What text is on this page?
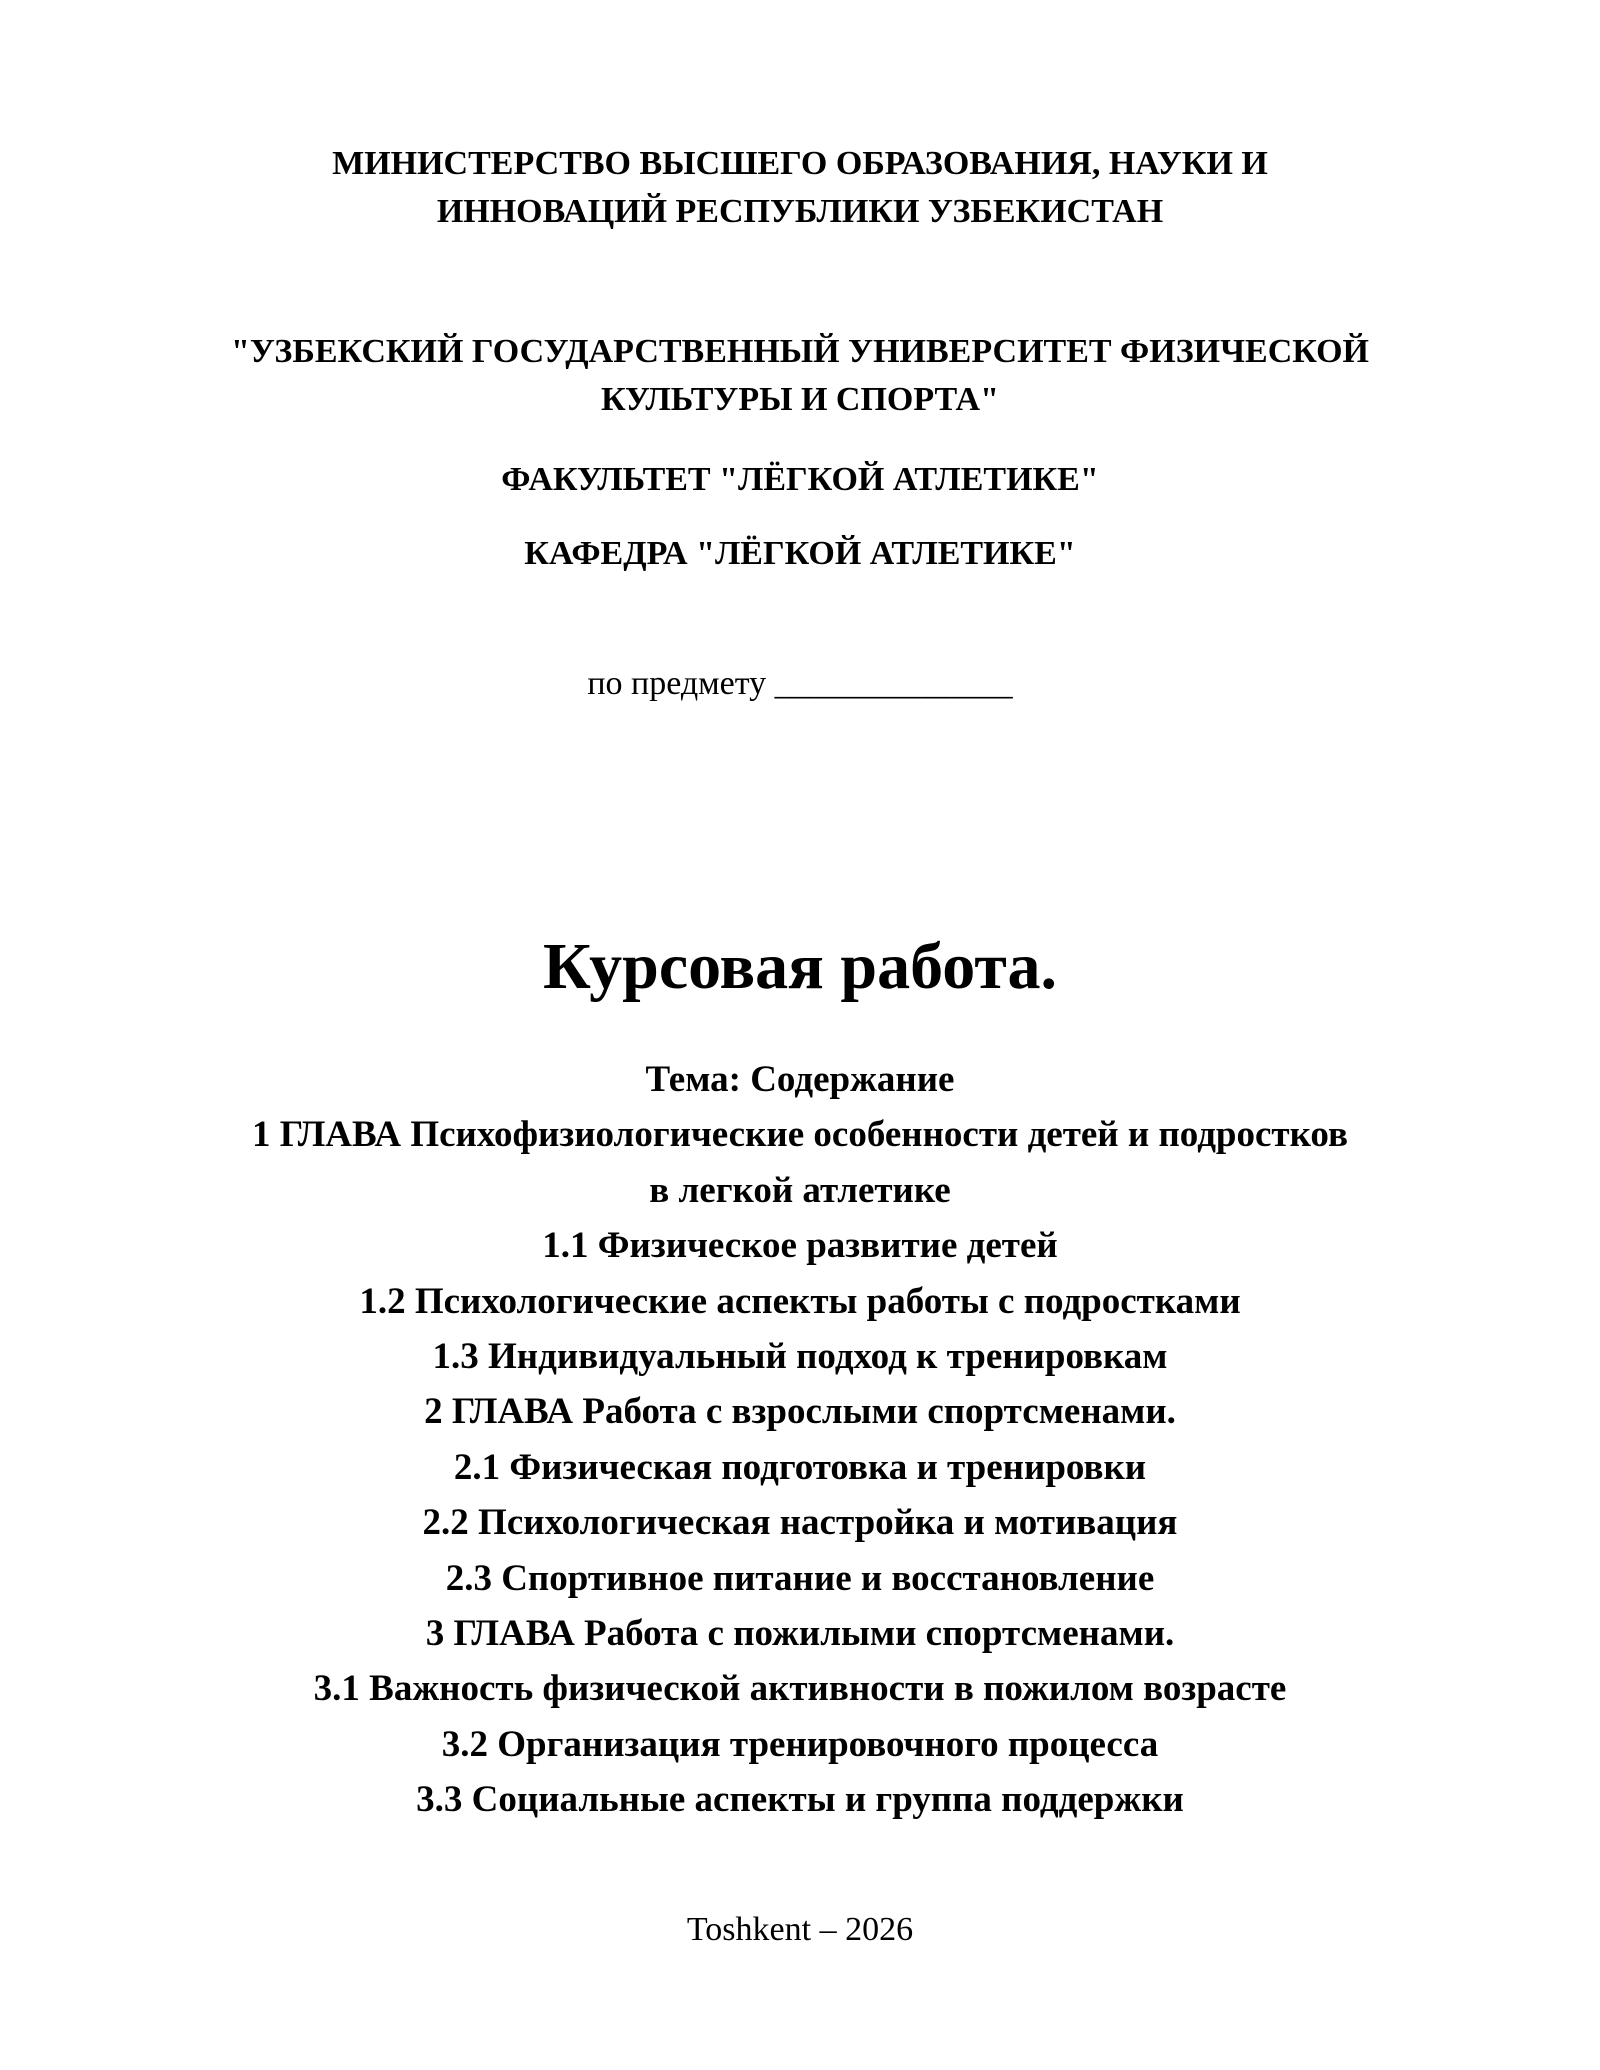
МИНИСТЕРСТВО ВЫСШЕГО ОБРАЗОВАНИЯ, НАУКИ И
ИННОВАЦИЙ РЕСПУБЛИКИ УЗБЕКИСТАН
"УЗБЕКСКИЙ ГОСУДАРСТВЕННЫЙ УНИВЕРСИТЕТ ФИЗИЧЕСКОЙ
КУЛЬТУРЫ И СПОРТА"
ФАКУЛЬТЕТ "ЛЁГКОЙ АТЛЕТИКЕ"
КАФЕДРА "ЛЁГКОЙ АТЛЕТИКЕ"
по предмету ______________
Курсовая работа.
Тема: Содержание
1 ГЛАВА Психофизиологические особенности детей и подростков
в легкой атлетике
1.1 Физическое развитие детей
1.2 Психологические аспекты работы с подростками
1.3 Индивидуальный подход к тренировкам
2 ГЛАВА Работа с взрослыми спортсменами.
2.1 Физическая подготовка и тренировки
2.2 Психологическая настройка и мотивация
2.3 Спортивное питание и восстановление
3 ГЛАВА Работа с пожилыми спортсменами.
3.1 Важность физической активности в пожилом возрасте
3.2 Организация тренировочного процесса
3.3 Социальные аспекты и группа поддержки
Toshkent – 2026
